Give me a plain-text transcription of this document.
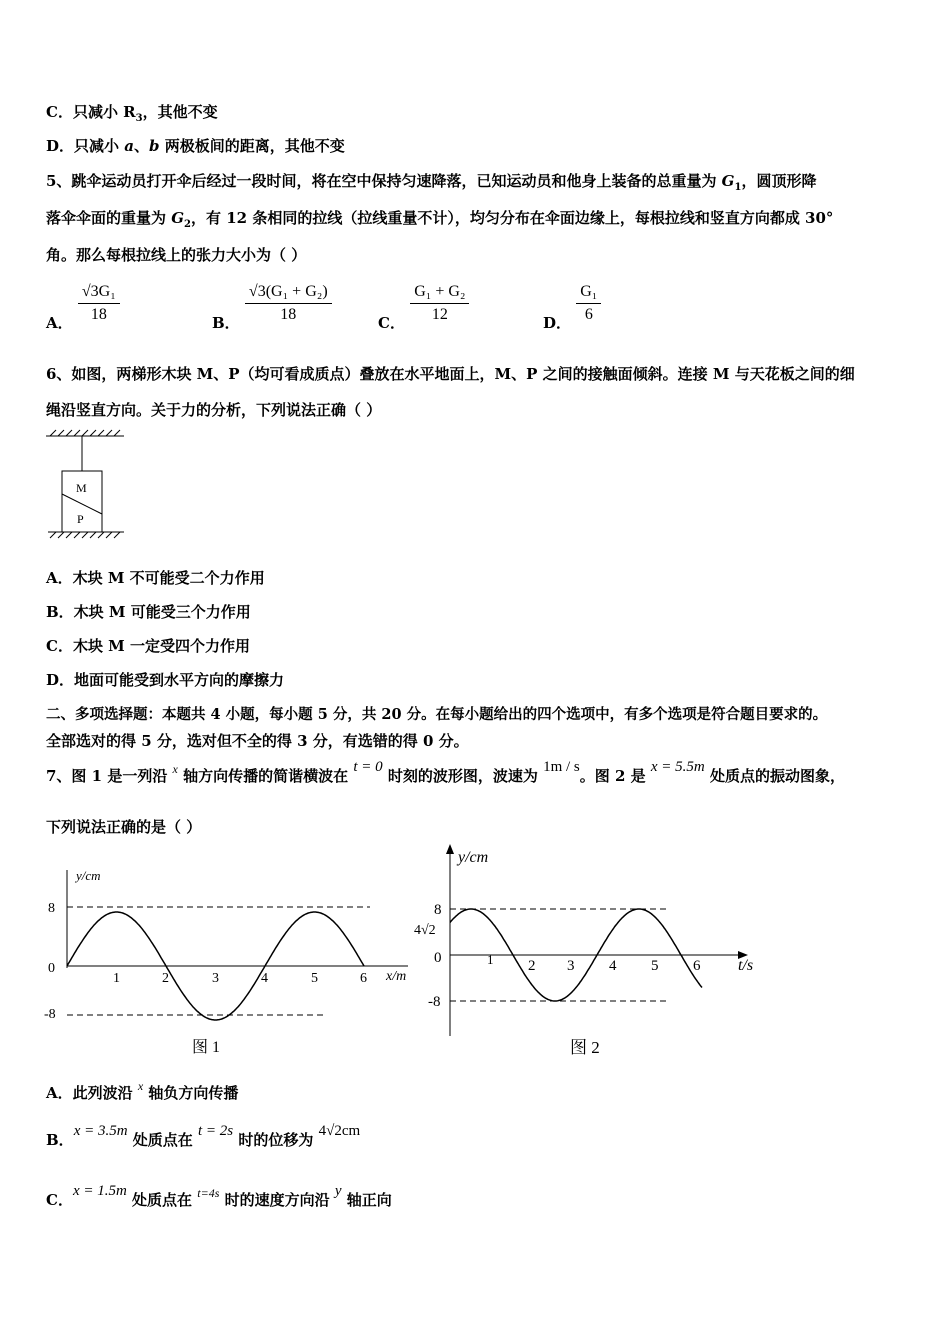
C．只减小 $R_3$，其他不变
D．只减小 a、b 两极板间的距离，其他不变
5、跳伞运动员打开伞后经过一段时间，将在空中保持匀速降落，已知运动员和他身上装备的总重量为 $G_1$，圆顶形降
落伞伞面的重量为 $G_2$，有 12 条相同的拉线（拉线重量不计），均匀分布在伞面边缘上，每根拉线和竖直方向都成 30°
角。那么每根拉线上的张力大小为（ ）
A． $\frac{\text{√3G₁}}{18}$	B． $\frac{\text{√3(G₁ + G₂)}}{18}$	C． $\frac{\text{G₁ + G₂}}{12}$	D． $\frac{\text{G₁}}{6}$
6、如图，两梯形木块 M、P（均可看成质点）叠放在水平地面上，M、P 之间的接触面倾斜。连接 M 与天花板之间的细
绳沿竖直方向。关于力的分析，下列说法正确（ ）
M
P
A．木块 M 不可能受二个力作用
B．木块 M 可能受三个力作用
C．木块 M 一定受四个力作用
D．地面可能受到水平方向的摩擦力
二、多项选择题：本题共 4 小题，每小题 5 分，共 20 分。在每小题给出的四个选项中，有多个选项是符合题目要求的。
全部选对的得 5 分，选对但不全的得 3 分，有选错的得 0 分。
7、图 1 是一列沿 $^x$ 轴方向传播的简谐横波在 t = 0 时刻的波形图，波速为 1m / s。图 2 是 x = 5.5m 处质点的振动图象，
下列说法正确的是（ ）
y/cm
8
0
-8
1	2	3	4	5	6 x/m
图 1
y/cm
8
4√2
0
-8
1 2 3 4 5 6 t/s
图 2
A．此列波沿 $^x$ 轴负方向传播
B．x = 3.5m 处质点在 t = 2s 时的位移为 4√2cm
C．x = 1.5m 处质点在 $^{t=4s}$ 时的速度方向沿 y 轴正向
